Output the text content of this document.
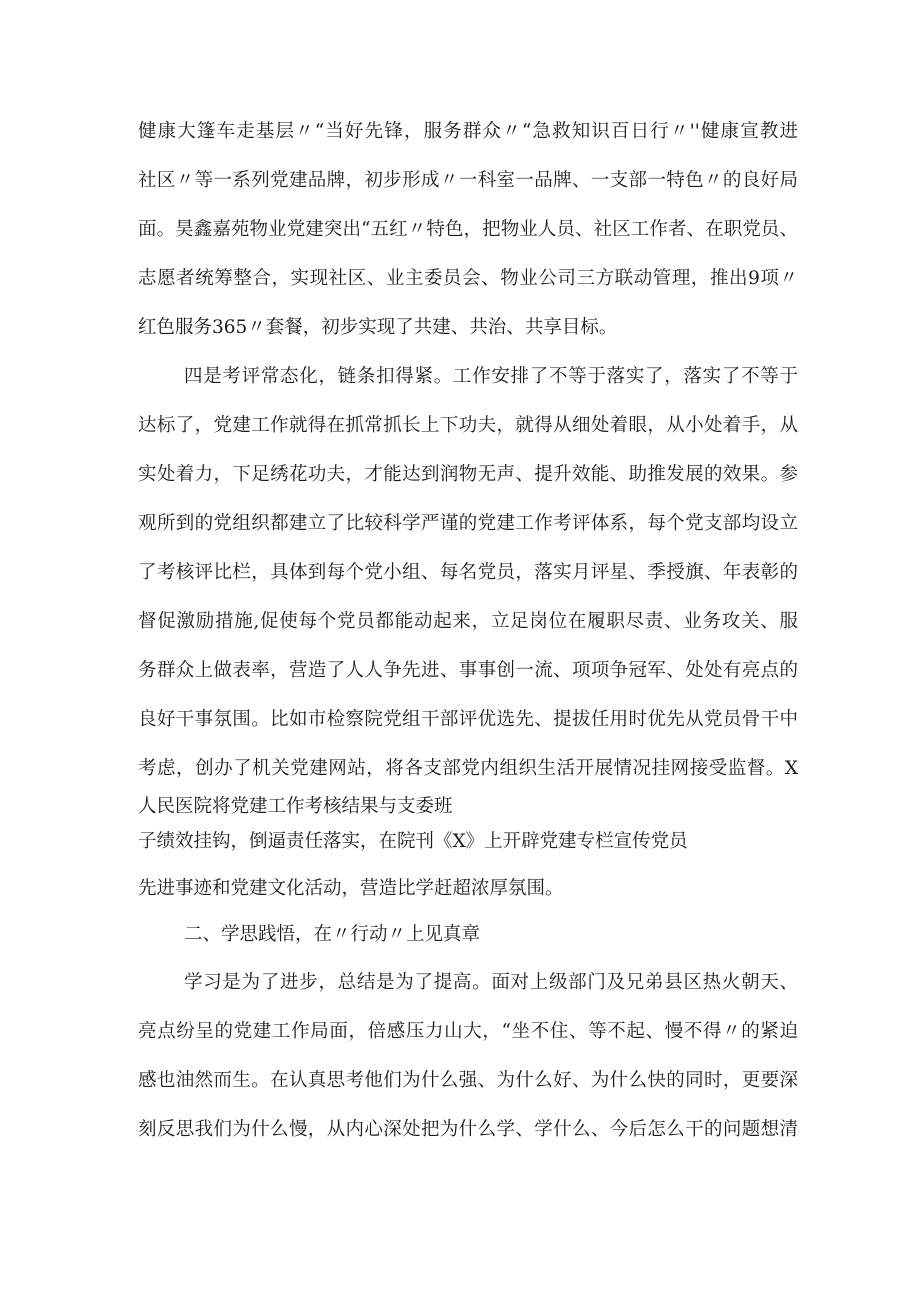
健康大篷车走基层〃“当好先锋，服务群众〃“急救知识百日行〃''健康宣教进
社区〃等一系列党建品牌，初步形成〃一科室一品牌、一支部一特色〃的良好局
面。昊鑫嘉苑物业党建突出“五红〃特色，把物业人员、社区工作者、在职党员、
志愿者统筹整合，实现社区、业主委员会、物业公司三方联动管理，推出9项〃
红色服务365〃套餐，初步实现了共建、共治、共享目标。
四是考评常态化，链条扣得紧。工作安排了不等于落实了，落实了不等于
达标了，党建工作就得在抓常抓长上下功夫，就得从细处着眼，从小处着手，从
实处着力，下足绣花功夫，才能达到润物无声、提升效能、助推发展的效果。参
观所到的党组织都建立了比较科学严谨的党建工作考评体系，每个党支部均设立
了考核评比栏，具体到每个党小组、每名党员，落实月评星、季授旗、年表彰的
督促激励措施,促使每个党员都能动起来，立足岗位在履职尽责、业务攻关、服
务群众上做表率，营造了人人争先进、事事创一流、项项争冠军、处处有亮点的
良好干事氛围。比如市检察院党组干部评优选先、提拔任用时优先从党员骨干中
考虑，创办了机关党建网站，将各支部党内组织生活开展情况挂网接受监督。X
人民医院将党建工作考核结果与支委班
子绩效挂钩，倒逼责任落实，在院刊《X》上开辟党建专栏宣传党员
先进事迹和党建文化活动，营造比学赶超浓厚氛围。
二、学思践悟，在〃行动〃上见真章
学习是为了进步，总结是为了提高。面对上级部门及兄弟县区热火朝天、
亮点纷呈的党建工作局面，倍感压力山大，“坐不住、等不起、慢不得〃的紧迫
感也油然而生。在认真思考他们为什么强、为什么好、为什么快的同时，更要深
刻反思我们为什么慢，从内心深处把为什么学、学什么、今后怎么干的问题想清
